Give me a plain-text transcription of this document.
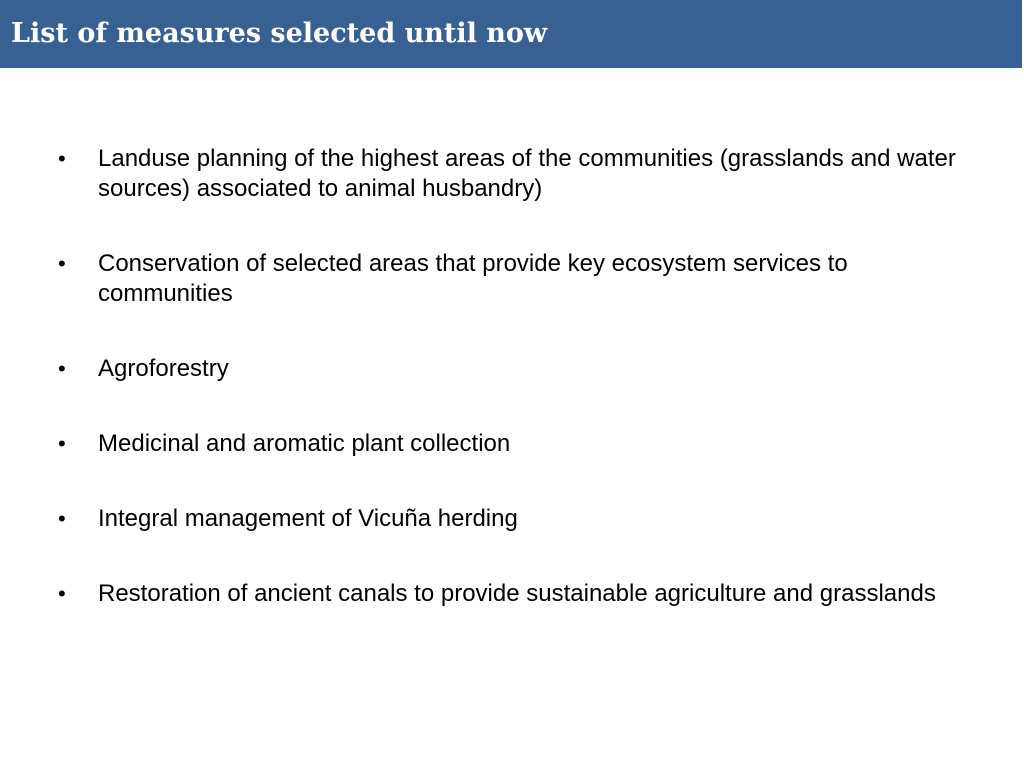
List of measures selected until now
•	Landuse planning of the highest areas of the communities (grasslands and water sources) associated to animal husbandry)
•	Conservation of selected areas that provide key ecosystem services to communities
•	Agroforestry
•	Medicinal and aromatic plant collection
•	Integral management of Vicuña herding
•	Restoration of ancient canals to provide sustainable agriculture and grasslands
